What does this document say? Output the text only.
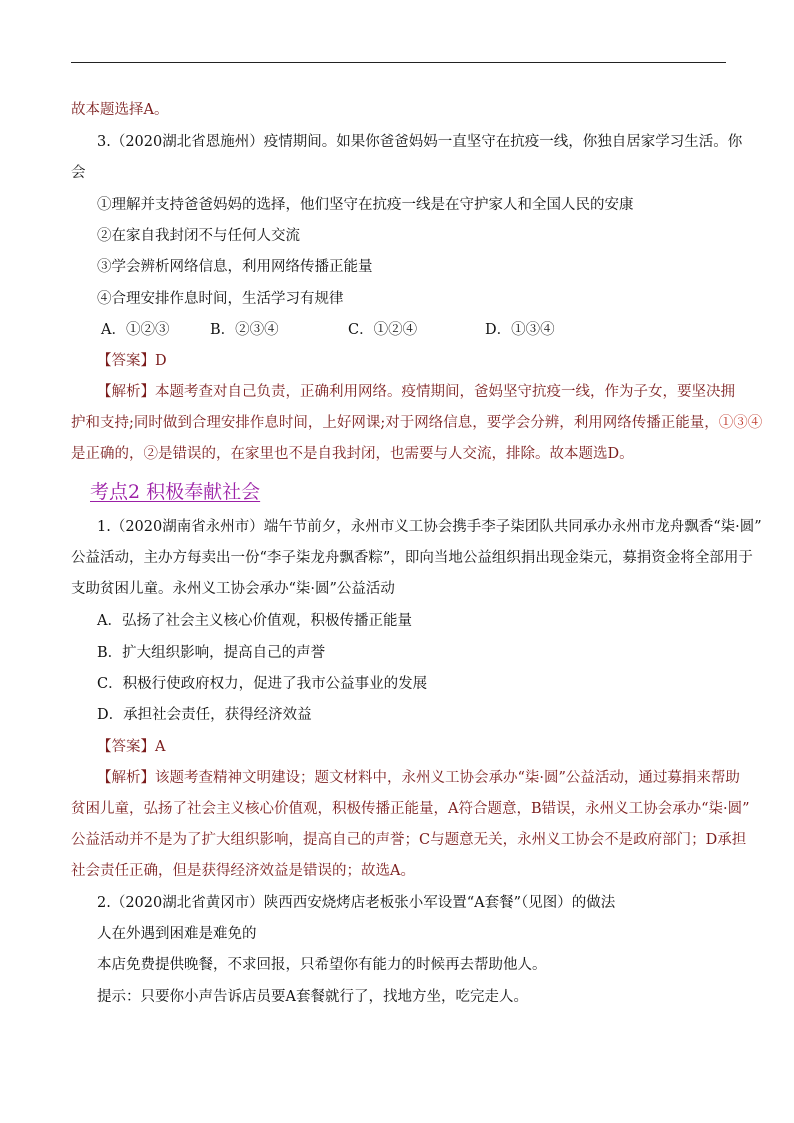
故本题选择A。
3.（2020湖北省恩施州）疫情期间。如果你爸爸妈妈一直坚守在抗疫一线，你独自居家学习生活。你
会
①理解并支持爸爸妈妈的选择，他们坚守在抗疫一线是在守护家人和全国人民的安康
②在家自我封闭不与任何人交流
③学会辨析网络信息，利用网络传播正能量
④合理安排作息时间，生活学习有规律
A．①②③	B．②③④	C．①②④	D．①③④
【答案】D
【解析】本题考查对自己负责，正确利用网络。疫情期间，爸妈坚守抗疫一线，作为子女，要坚决拥
护和支持;同时做到合理安排作息时间，上好网课;对于网络信息，要学会分辨，利用网络传播正能量，①③④
是正确的，②是错误的，在家里也不是自我封闭，也需要与人交流，排除。故本题选D。
考点2 积极奉献社会
1.（2020湖南省永州市）端午节前夕，永州市义工协会携手李子柒团队共同承办永州市龙舟飘香“柒·圆”
公益活动，主办方每卖出一份“李子柒龙舟飘香粽”，即向当地公益组织捐出现金柒元，募捐资金将全部用于
支助贫困儿童。永州义工协会承办“柒·圆”公益活动
A．弘扬了社会主义核心价值观，积极传播正能量
B．扩大组织影响，提高自己的声誉
C．积极行使政府权力，促进了我市公益事业的发展
D．承担社会责任，获得经济效益
【答案】A
【解析】该题考查精神文明建设；题文材料中，永州义工协会承办“柒·圆”公益活动，通过募捐来帮助
贫困儿童，弘扬了社会主义核心价值观，积极传播正能量，A符合题意，B错误，永州义工协会承办“柒·圆”
公益活动并不是为了扩大组织影响，提高自己的声誉；C与题意无关，永州义工协会不是政府部门；D承担
社会责任正确，但是获得经济效益是错误的；故选A。
2.（2020湖北省黄冈市）陕西西安烧烤店老板张小军设置“A套餐”（见图）的做法
人在外遇到困难是难免的
本店免费提供晚餐，不求回报，只希望你有能力的时候再去帮助他人。
提示：只要你小声告诉店员要A套餐就行了，找地方坐，吃完走人。
